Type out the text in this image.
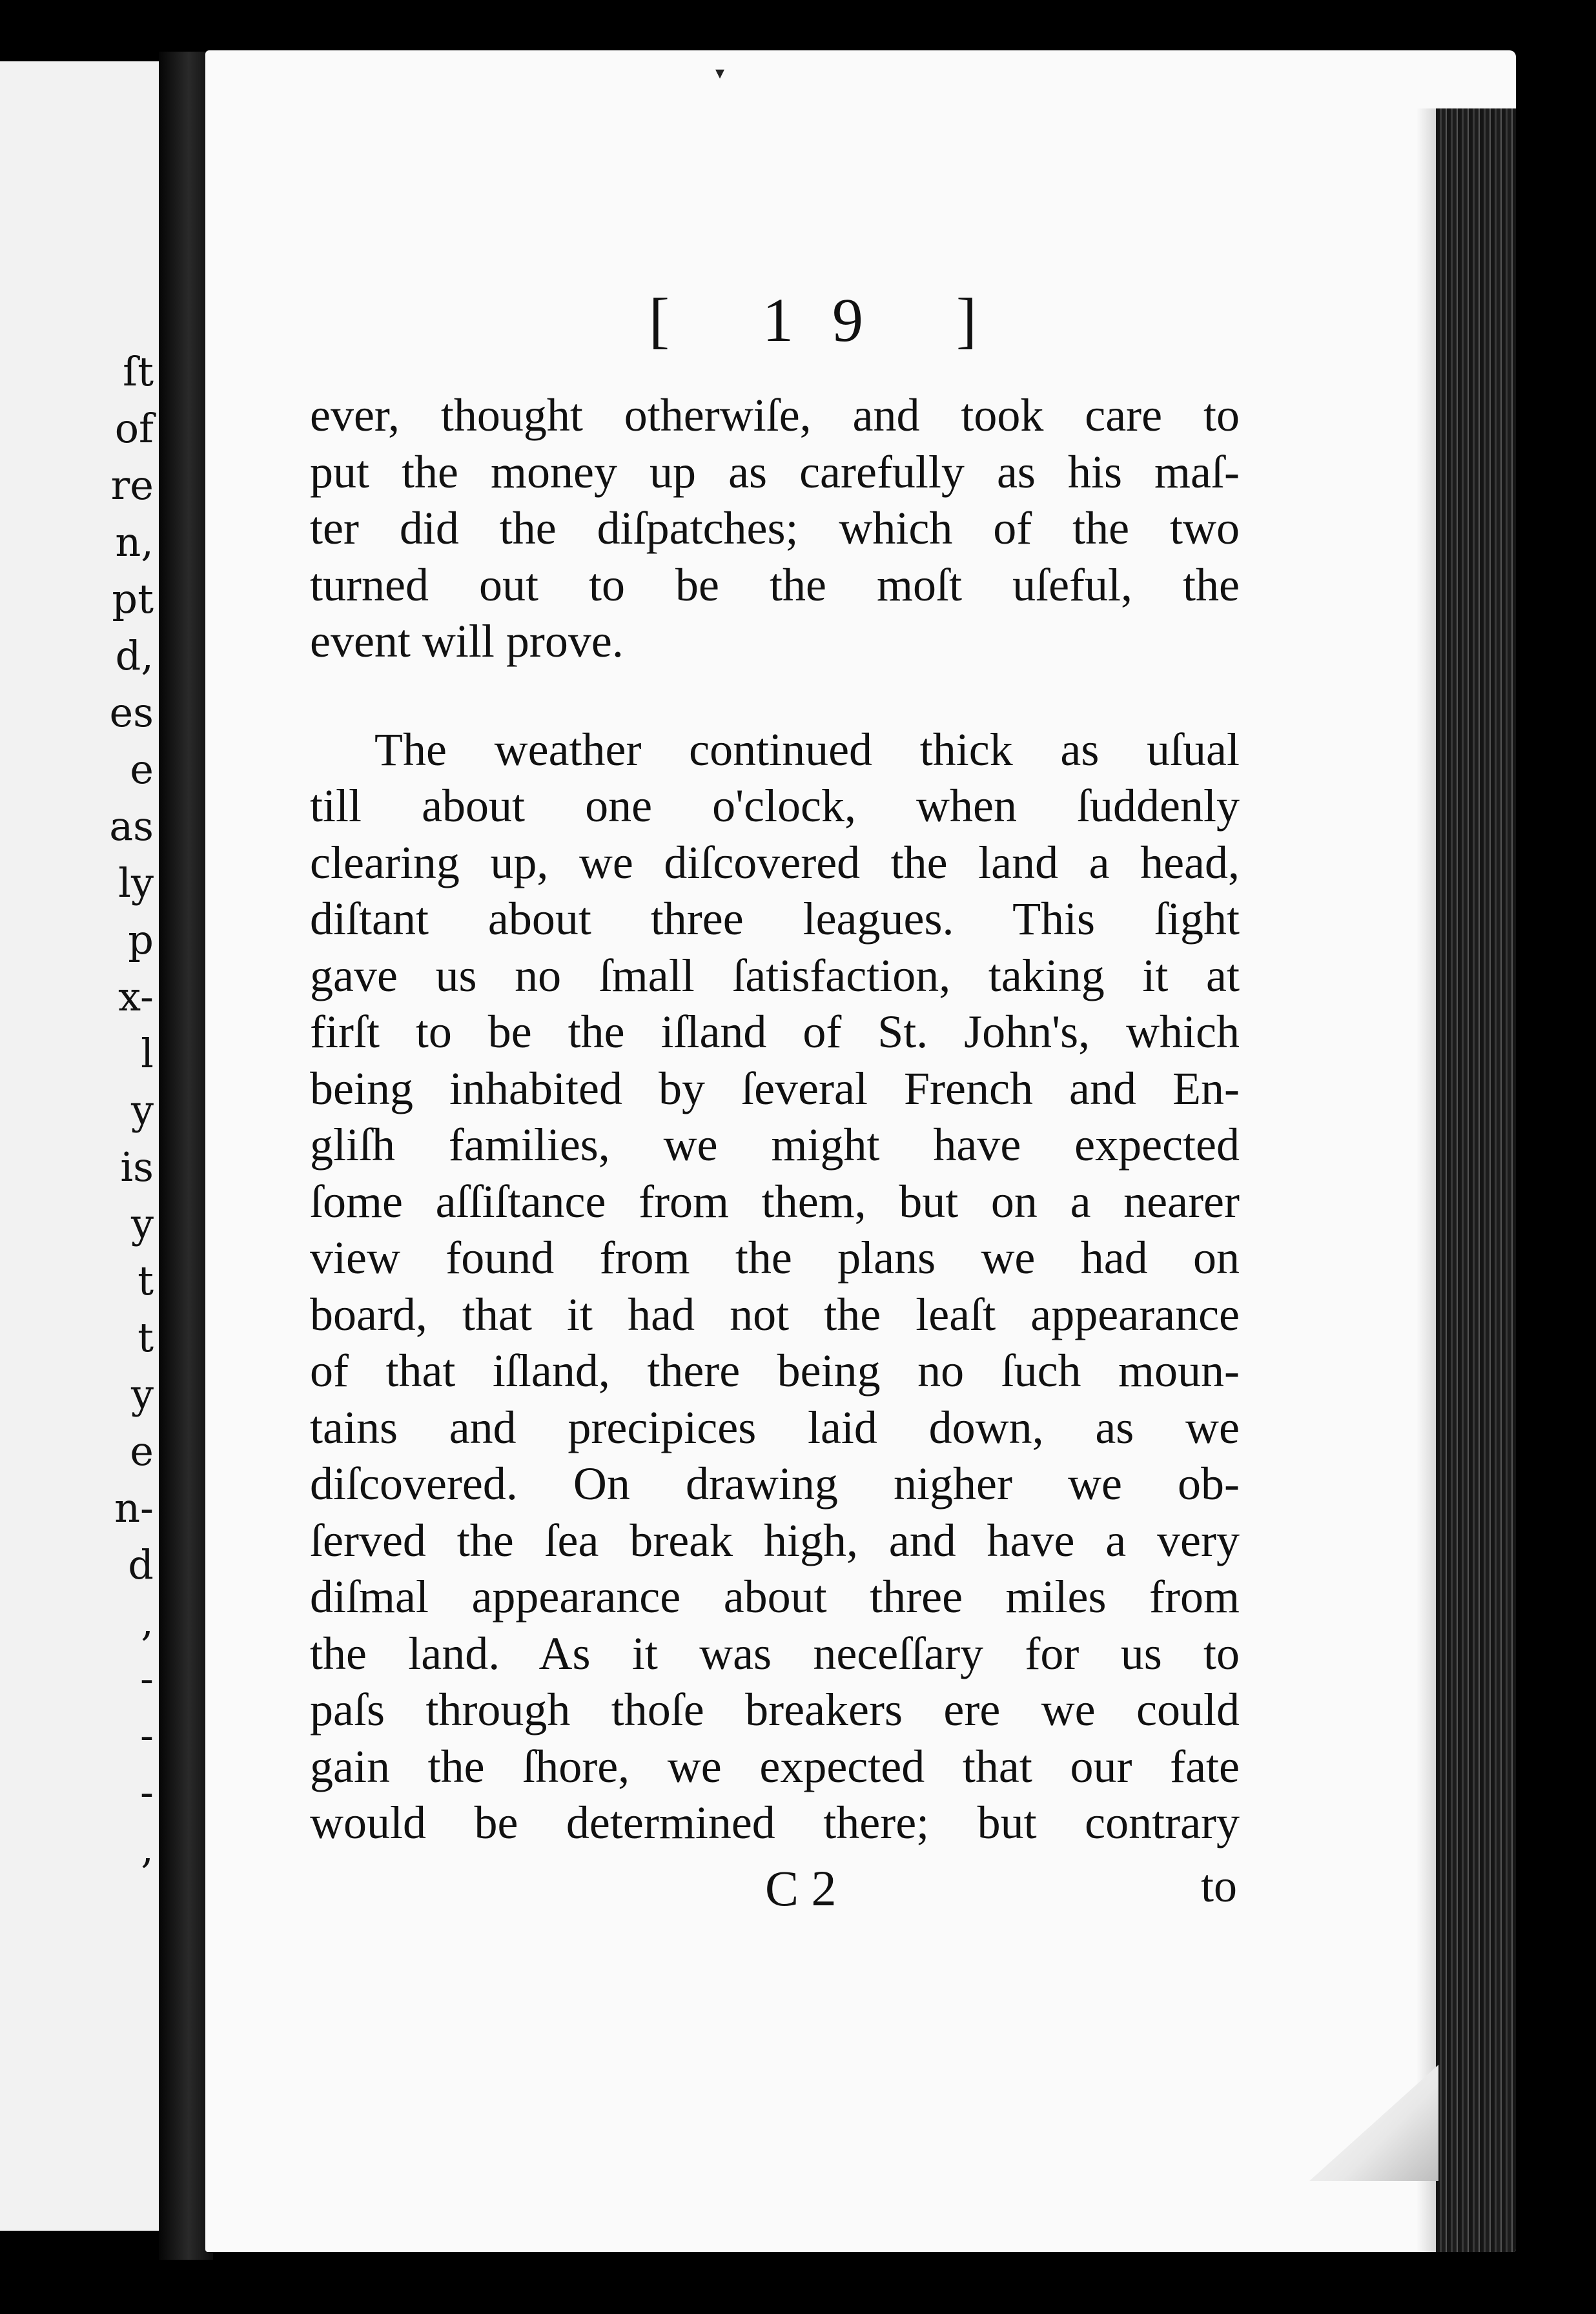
ſt
of
re
n,
pt
d,
es
e
as
ly
p
x-
l
y
is
y
t
t
y
e
n-
d
,
-
-
-
,
▾
[ 19 ]
ever, thought otherwiſe, and took care to
put the money up as carefully as his maſ-
ter did the diſpatches; which of the two
turned out to be the moſt uſeful, the
event will prove.
The weather continued thick as uſual
till about one o'clock, when ſuddenly
clearing up, we diſcovered the land a head,
diſtant about three leagues. This ſight
gave us no ſmall ſatisfaction, taking it at
firſt to be the iſland of St. John's, which
being inhabited by ſeveral French and En-
gliſh families, we might have expected
ſome aſſiſtance from them, but on a nearer
view found from the plans we had on
board, that it had not the leaſt appearance
of that iſland, there being no ſuch moun-
tains and precipices laid down, as we
diſcovered. On drawing nigher we ob-
ſerved the ſea break high, and have a very
diſmal appearance about three miles from
the land. As it was neceſſary for us to
paſs through thoſe breakers ere we could
gain the ſhore, we expected that our fate
would be determined there; but contrary
C 2	to
